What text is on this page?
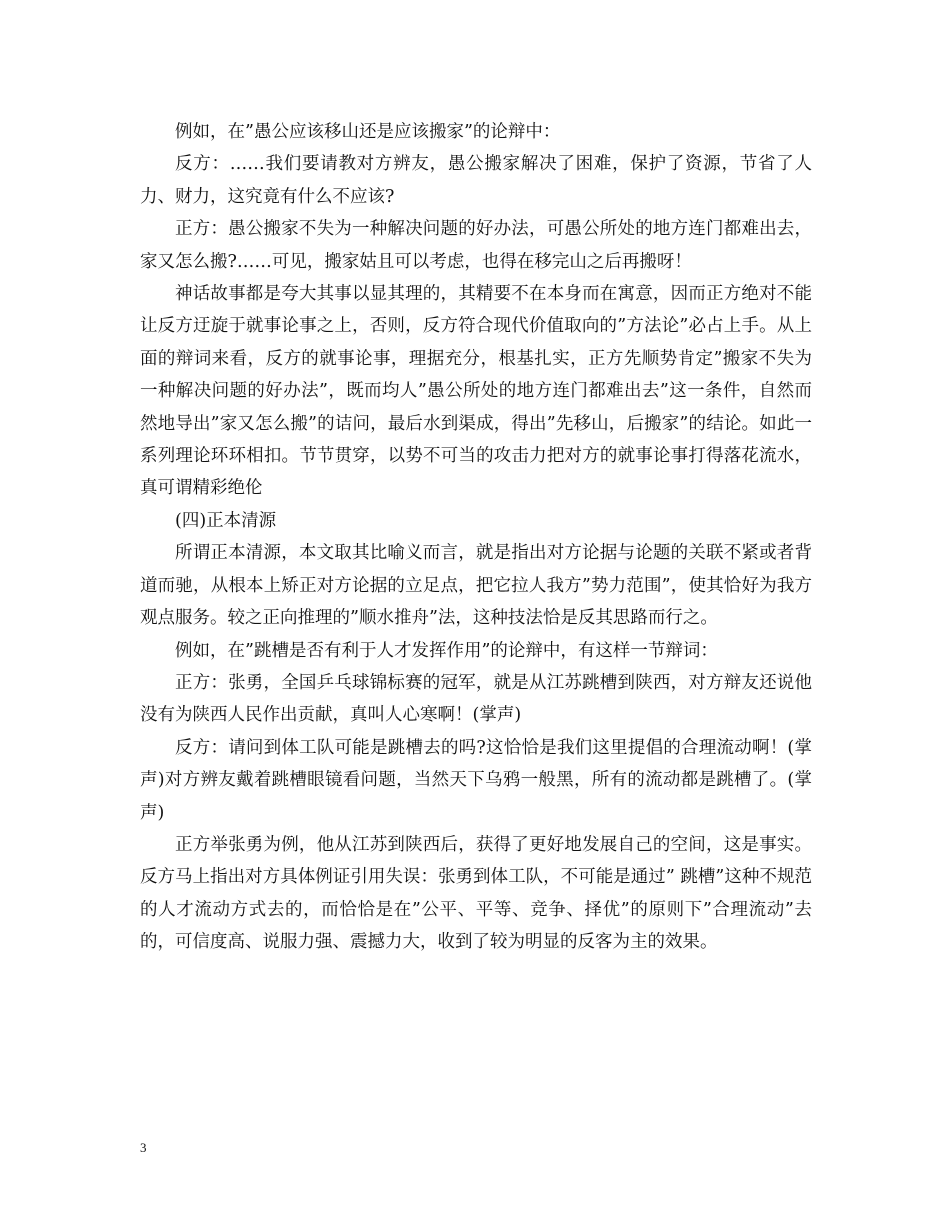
例如，在”愚公应该移山还是应该搬家”的论辩中：

反方：……我们要请教对方辨友，愚公搬家解决了困难，保护了资源，节省了人力、财力，这究竟有什么不应该?

正方：愚公搬家不失为一种解决问题的好办法，可愚公所处的地方连门都难出去，家又怎么搬?……可见，搬家姑且可以考虑，也得在移完山之后再搬呀！

神话故事都是夸大其事以显其理的，其精要不在本身而在寓意，因而正方绝对不能让反方迂旋于就事论事之上，否则，反方符合现代价值取向的”方法论”必占上手。从上面的辩词来看，反方的就事论事，理据充分，根基扎实，正方先顺势肯定”搬家不失为一种解决问题的好办法”，既而均人”愚公所处的地方连门都难出去”这一条件，自然而然地导出”家又怎么搬”的诘问，最后水到渠成，得出”先移山，后搬家”的结论。如此一系列理论环环相扣。节节贯穿，以势不可当的攻击力把对方的就事论事打得落花流水，真可谓精彩绝伦

(四)正本清源

所谓正本清源，本文取其比喻义而言，就是指出对方论据与论题的关联不紧或者背道而驰，从根本上矫正对方论据的立足点，把它拉人我方”势力范围”，使其恰好为我方观点服务。较之正向推理的”顺水推舟”法，这种技法恰是反其思路而行之。

例如，在”跳槽是否有利于人才发挥作用”的论辩中，有这样一节辩词：

正方：张勇，全国乒乓球锦标赛的冠军，就是从江苏跳槽到陕西，对方辩友还说他没有为陕西人民作出贡献，真叫人心寒啊！(掌声)

反方：请问到体工队可能是跳槽去的吗?这恰恰是我们这里提倡的合理流动啊！(掌声)对方辨友戴着跳槽眼镜看问题，当然天下乌鸦一般黑，所有的流动都是跳槽了。(掌声)

正方举张勇为例，他从江苏到陕西后，获得了更好地发展自己的空间，这是事实。反方马上指出对方具体例证引用失误：张勇到体工队，不可能是通过” 跳槽”这种不规范的人才流动方式去的，而恰恰是在”公平、平等、竞争、择优”的原则下”合理流动”去的，可信度高、说服力强、震撼力大，收到了较为明显的反客为主的效果。

3
